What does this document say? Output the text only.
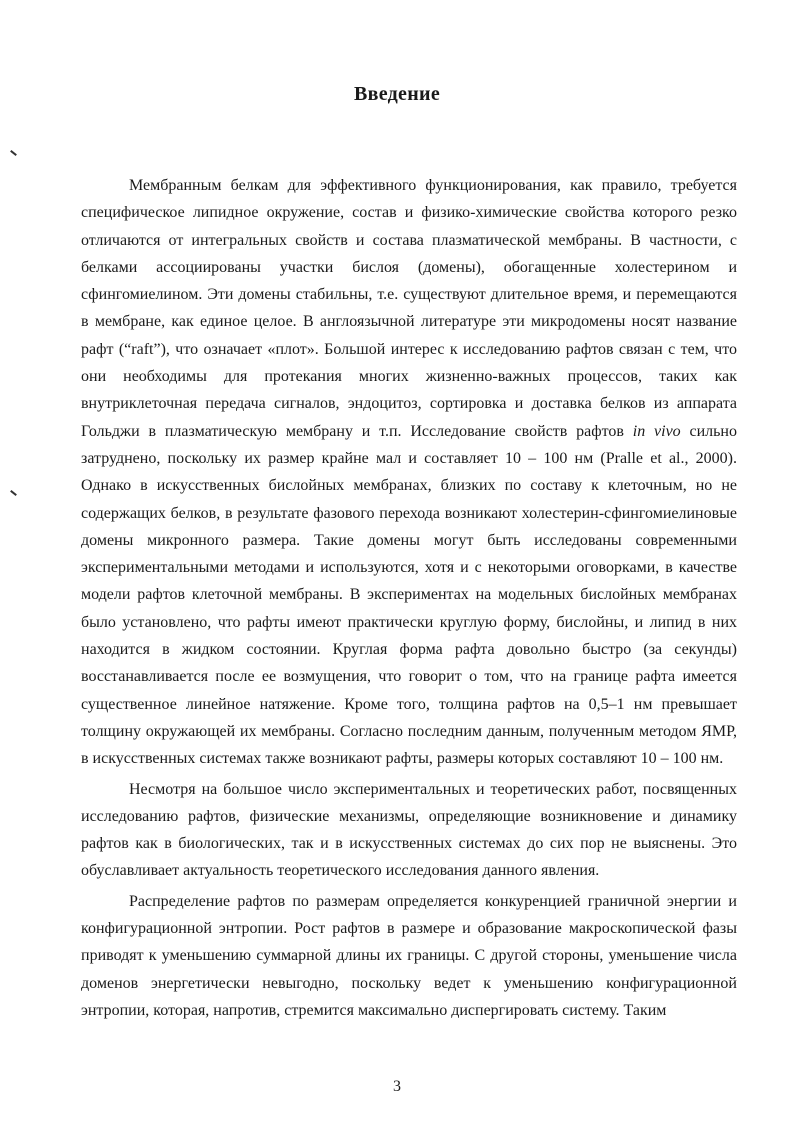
Введение

Мембранным белкам для эффективного функционирования, как правило, требуется специфическое липидное окружение, состав и физико-химические свойства которого резко отличаются от интегральных свойств и состава плазматической мембраны. В частности, с белками ассоциированы участки бислоя (домены), обогащенные холестерином и сфингомиелином. Эти домены стабильны, т.е. существуют длительное время, и перемещаются в мембране, как единое целое. В англоязычной литературе эти микродомены носят название рафт (“raft”), что означает «плот». Большой интерес к исследованию рафтов связан с тем, что они необходимы для протекания многих жизненно-важных процессов, таких как внутриклеточная передача сигналов, эндоцитоз, сортировка и доставка белков из аппарата Гольджи в плазматическую мембрану и т.п. Исследование свойств рафтов in vivo сильно затруднено, поскольку их размер крайне мал и составляет 10 – 100 нм (Pralle et al., 2000). Однако в искусственных бислойных мембранах, близких по составу к клеточным, но не содержащих белков, в результате фазового перехода возникают холестерин-сфингомиелиновые домены микронного размера. Такие домены могут быть исследованы современными экспериментальными методами и используются, хотя и с некоторыми оговорками, в качестве модели рафтов клеточной мембраны. В экспериментах на модельных бислойных мембранах было установлено, что рафты имеют практически круглую форму, бислойны, и липид в них находится в жидком состоянии. Круглая форма рафта довольно быстро (за секунды) восстанавливается после ее возмущения, что говорит о том, что на границе рафта имеется существенное линейное натяжение. Кроме того, толщина рафтов на 0,5–1 нм превышает толщину окружающей их мембраны. Согласно последним данным, полученным методом ЯМР, в искусственных системах также возникают рафты, размеры которых составляют 10 – 100 нм.

Несмотря на большое число экспериментальных и теоретических работ, посвященных исследованию рафтов, физические механизмы, определяющие возникновение и динамику рафтов как в биологических, так и в искусственных системах до сих пор не выяснены. Это обуславливает актуальность теоретического исследования данного явления.

Распределение рафтов по размерам определяется конкуренцией граничной энергии и конфигурационной энтропии. Рост рафтов в размере и образование макроскопической фазы приводят к уменьшению суммарной длины их границы. С другой стороны, уменьшение числа доменов энергетически невыгодно, поскольку ведет к уменьшению конфигурационной энтропии, которая, напротив, стремится максимально диспергировать систему. Таким

3
